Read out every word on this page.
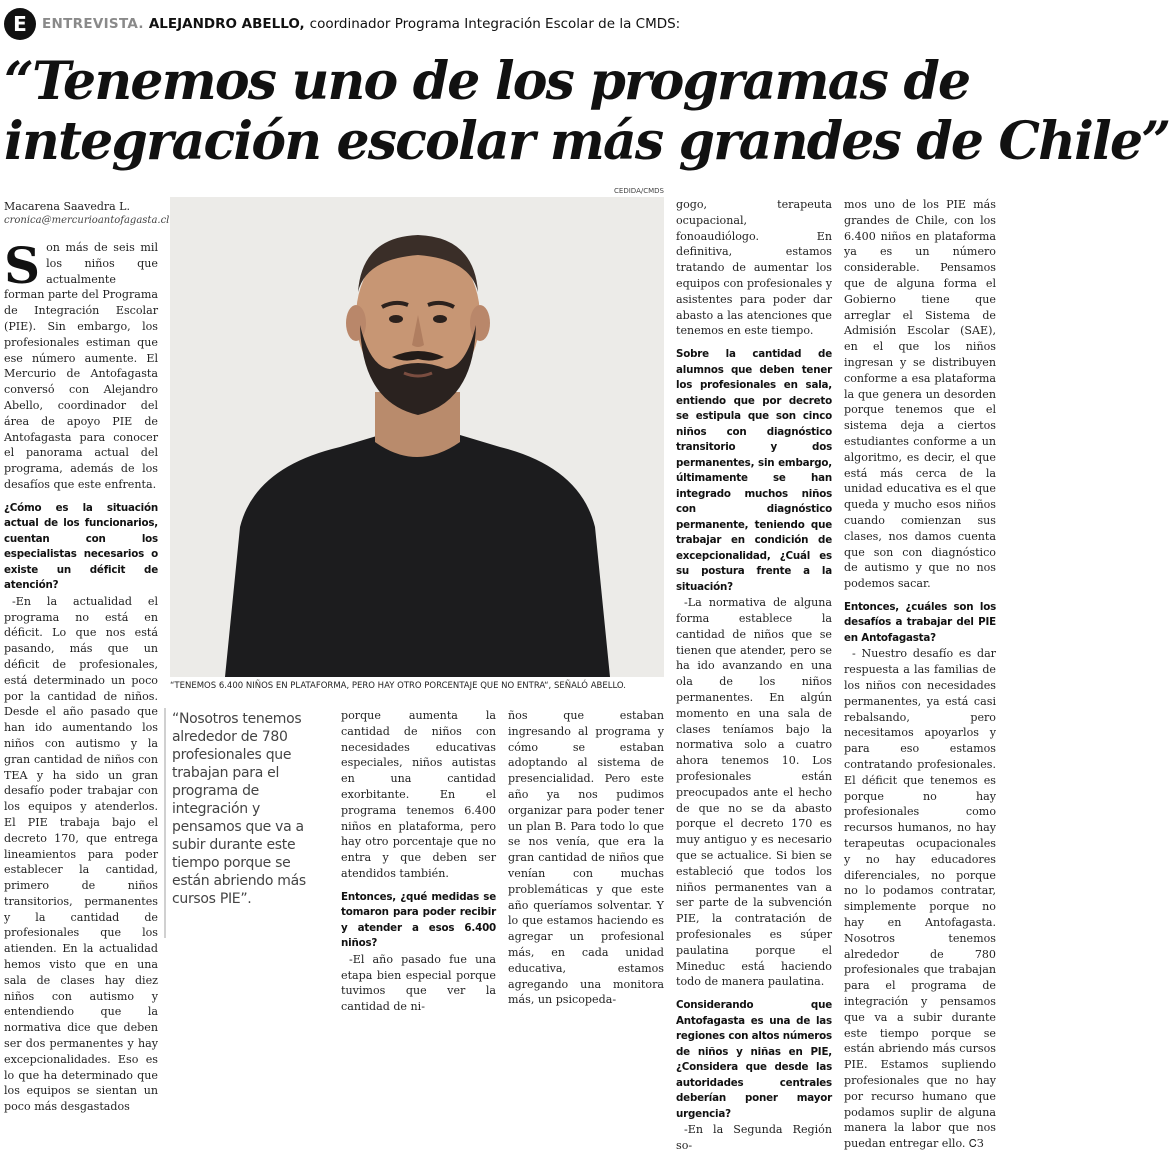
E	ENTREVISTA. ALEJANDRO ABELLO, coordinador Programa Integración Escolar de la CMDS:
“Tenemos uno de los programas de
integración escolar más grandes de Chile”
Macarena Saavedra L.
cronica@mercurioantofagasta.cl
CEDIDA/CMDS
“TENEMOS 6.400 NIÑOS EN PLATAFORMA, PERO HAY OTRO PORCENTAJE QUE NO ENTRA“, SEÑALÓ ABELLO.

Son más de seis mil los niños que actualmente forman parte del Programa de Integración Escolar (PIE). Sin embargo, los profesionales estiman que ese número aumente. El Mercurio de Antofagasta conversó con Alejandro Abello, coordinador del área de apoyo PIE de Antofagasta para conocer el panorama actual del programa, además de los desafíos que este enfrenta.

¿Cómo es la situación actual de los funcionarios, cuentan con los especialistas necesarios o existe un déficit de atención?

-En la actualidad el programa no está en déficit. Lo que nos está pasando, más que un déficit de profesionales, está determinado un poco por la cantidad de niños. Desde el año pasado que han ido aumentando los niños con autismo y la gran cantidad de niños con TEA y ha sido un gran desafío poder trabajar con los equipos y atenderlos. El PIE trabaja bajo el decreto 170, que entrega lineamientos para poder establecer la cantidad, primero de niños transitorios, permanentes y la cantidad de profesionales que los atienden. En la actualidad hemos visto que en una sala de clases hay diez niños con autismo y entendiendo que la normativa dice que deben ser dos permanentes y hay excepcionalidades. Eso es lo que ha determinado que los equipos se sientan un poco más desgastados

“Nosotros tenemos alrededor de 780 profesionales que trabajan para el programa de integración y pensamos que va a subir durante este tiempo porque se están abriendo más cursos PIE”.

porque aumenta la cantidad de niños con necesidades educativas especiales, niños autistas en una cantidad exorbitante. En el programa tenemos 6.400 niños en plataforma, pero hay otro porcentaje que no entra y que deben ser atendidos también.

Entonces, ¿qué medidas se tomaron para poder recibir y atender a esos 6.400 niños?

-El año pasado fue una etapa bien especial porque tuvimos que ver la cantidad de ni-

ños que estaban ingresando al programa y cómo se estaban adoptando al sistema de presencialidad. Pero este año ya nos pudimos organizar para poder tener un plan B. Para todo lo que se nos venía, que era la gran cantidad de niños que venían con muchas problemáticas y que este año queríamos solventar. Y lo que estamos haciendo es agregar un profesional más, en cada unidad educativa, estamos agregando una monitora más, un psicopeda-

gogo, terapeuta ocupacional, fonoaudiólogo. En definitiva, estamos tratando de aumentar los equipos con profesionales y asistentes para poder dar abasto a las atenciones que tenemos en este tiempo.

Sobre la cantidad de alumnos que deben tener los profesionales en sala, entiendo que por decreto se estipula que son cinco niños con diagnóstico transitorio y dos permanentes, sin embargo, últimamente se han integrado muchos niños con diagnóstico permanente, teniendo que trabajar en condición de excepcionalidad, ¿Cuál es su postura frente a la situación?

-La normativa de alguna forma establece la cantidad de niños que se tienen que atender, pero se ha ido avanzando en una ola de los niños permanentes. En algún momento en una sala de clases teníamos bajo la normativa solo a cuatro ahora tenemos 10. Los profesionales están preocupados ante el hecho de que no se da abasto porque el decreto 170 es muy antiguo y es necesario que se actualice. Si bien se estableció que todos los niños permanentes van a ser parte de la subvención PIE, la contratación de profesionales es súper paulatina porque el Mineduc está haciendo todo de manera paulatina.

Considerando que Antofagasta es una de las regiones con altos números de niños y niñas en PIE, ¿Considera que desde las autoridades centrales deberían poner mayor urgencia?

-En la Segunda Región so-

mos uno de los PIE más grandes de Chile, con los 6.400 niños en plataforma ya es un número considerable. Pensamos que de alguna forma el Gobierno tiene que arreglar el Sistema de Admisión Escolar (SAE), en el que los niños ingresan y se distribuyen conforme a esa plataforma la que genera un desorden porque tenemos que el sistema deja a ciertos estudiantes conforme a un algoritmo, es decir, el que está más cerca de la unidad educativa es el que queda y mucho esos niños cuando comienzan sus clases, nos damos cuenta que son con diagnóstico de autismo y que no nos podemos sacar.

Entonces, ¿cuáles son los desafíos a trabajar del PIE en Antofagasta?

- Nuestro desafío es dar respuesta a las familias de los niños con necesidades permanentes, ya está casi rebalsando, pero necesitamos apoyarlos y para eso estamos contratando profesionales. El déficit que tenemos es porque no hay profesionales como recursos humanos, no hay terapeutas ocupacionales y no hay educadores diferenciales, no porque no lo podamos contratar, simplemente porque no hay en Antofagasta. Nosotros tenemos alrededor de 780 profesionales que trabajan para el programa de integración y pensamos que va a subir durante este tiempo porque se están abriendo más cursos PIE. Estamos supliendo profesionales que no hay por recurso humano que podamos suplir de alguna manera la labor que nos puedan entregar ello. ᏟЗ
